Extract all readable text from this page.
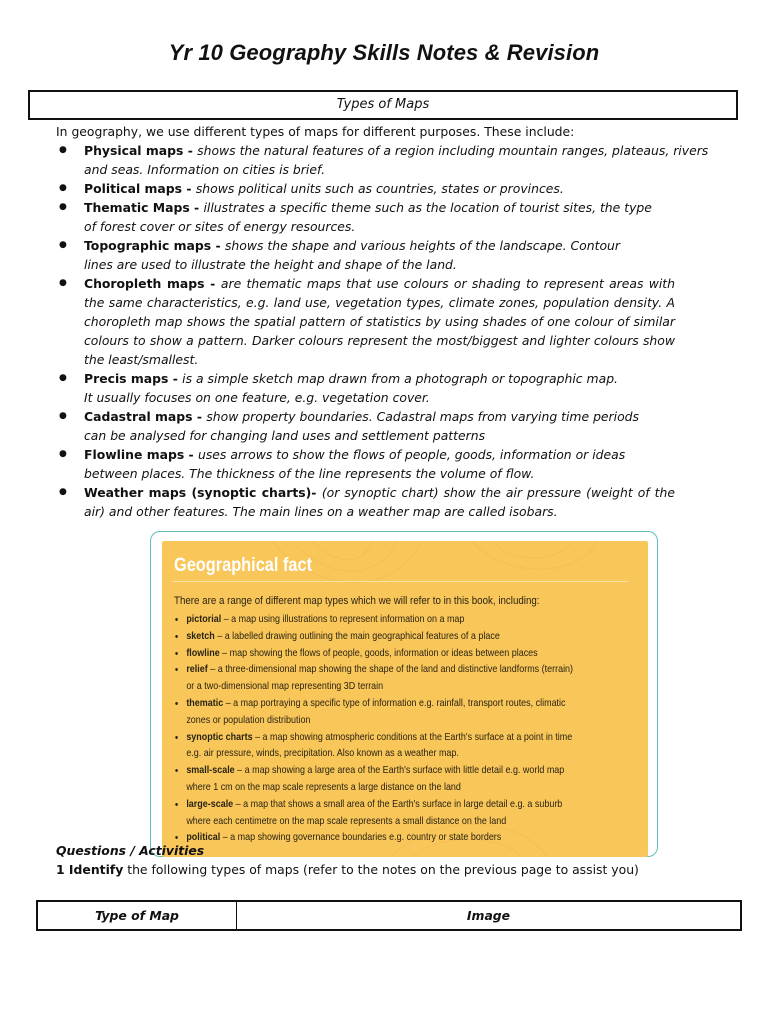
Yr 10 Geography Skills Notes & Revision
Types of Maps
In geography, we use different types of maps for different purposes. These include:
● Physical maps - shows the natural features of a region including mountain ranges, plateaus, rivers
and seas. Information on cities is brief.
● Political maps - shows political units such as countries, states or provinces.
● Thematic Maps - illustrates a specific theme such as the location of tourist sites, the type
of forest cover or sites of energy resources.
● Topographic maps - shows the shape and various heights of the landscape. Contour
lines are used to illustrate the height and shape of the land.
● Choropleth maps - are thematic maps that use colours or shading to represent areas with the same characteristics, e.g. land use, vegetation types, climate zones, population density. A choropleth map shows the spatial pattern of statistics by using shades of one colour of similar colours to show a pattern. Darker colours represent the most/biggest and lighter colours show the least/smallest.
● Precis maps - is a simple sketch map drawn from a photograph or topographic map.
It usually focuses on one feature, e.g. vegetation cover.
● Cadastral maps - show property boundaries. Cadastral maps from varying time periods
can be analysed for changing land uses and settlement patterns
● Flowline maps - uses arrows to show the flows of people, goods, information or ideas
between places. The thickness of the line represents the volume of flow.
● Weather maps (synoptic charts)- (or synoptic chart) show the air pressure (weight of the air) and other features. The main lines on a weather map are called isobars.
Geographical fact
There are a range of different map types which we will refer to in this book, including:
• pictorial – a map using illustrations to represent information on a map
• sketch – a labelled drawing outlining the main geographical features of a place
• flowline – map showing the flows of people, goods, information or ideas between places
• relief – a three-dimensional map showing the shape of the land and distinctive landforms (terrain)
or a two-dimensional map representing 3D terrain
• thematic – a map portraying a specific type of information e.g. rainfall, transport routes, climatic
zones or population distribution
• synoptic charts – a map showing atmospheric conditions at the Earth's surface at a point in time
e.g. air pressure, winds, precipitation. Also known as a weather map.
• small-scale – a map showing a large area of the Earth's surface with little detail e.g. world map
where 1 cm on the map scale represents a large distance on the land
• large-scale – a map that shows a small area of the Earth's surface in large detail e.g. a suburb
where each centimetre on the map scale represents a small distance on the land
• political – a map showing governance boundaries e.g. country or state borders
Questions / Activities
1 Identify the following types of maps (refer to the notes on the previous page to assist you)
Type of Map	Image
